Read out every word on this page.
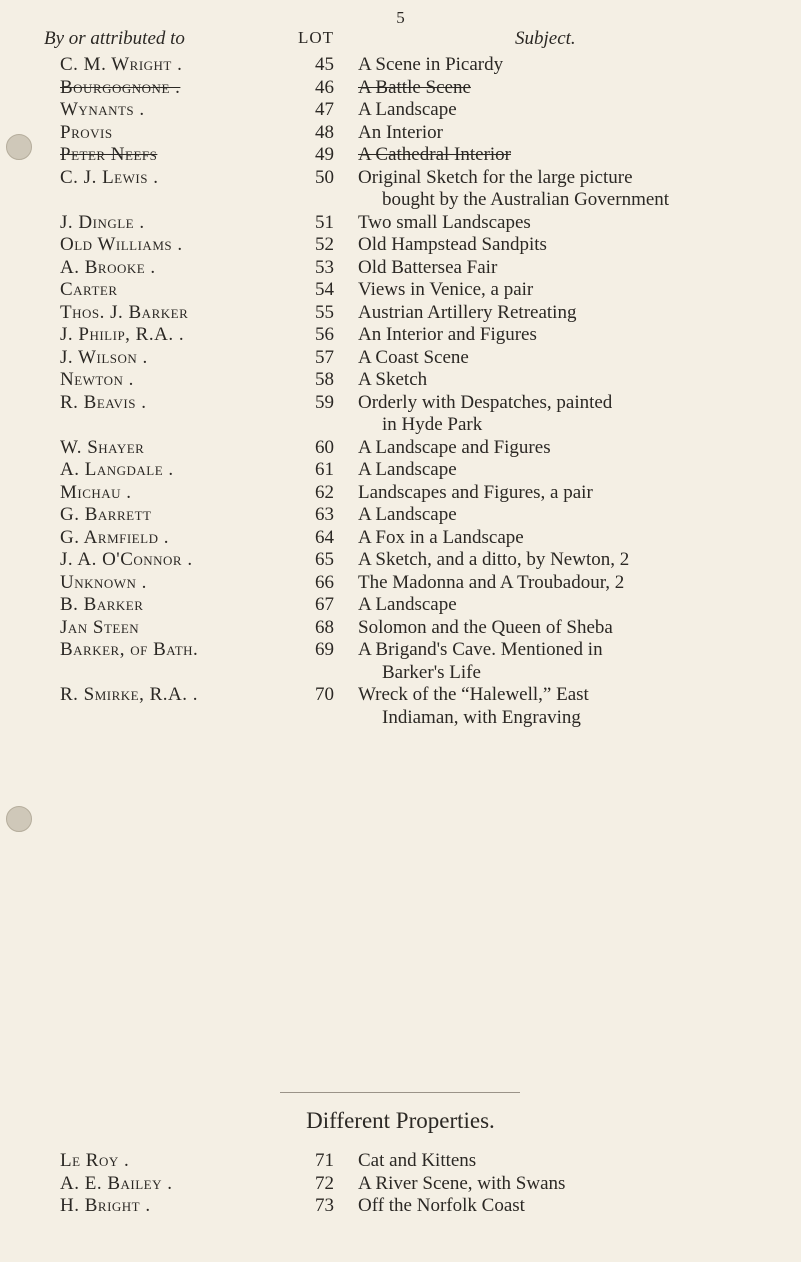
5
By or attributed to	LOT	Subject.
C. M. Wright .	45 A Scene in Picardy
Bourgognone .	46 A Battle Scene
Wynants .	47 A Landscape
Provis	48 An Interior
Peter Neefs	49 A Cathedral Interior
C. J. Lewis .	50 Original Sketch for the large picture
bought by the Australian Government
J. Dingle .	51 Two small Landscapes
Old Williams .	52 Old Hampstead Sandpits
A. Brooke .	53 Old Battersea Fair
Carter	54 Views in Venice, a pair
Thos. J. Barker	55 Austrian Artillery Retreating
J. Philip, R.A. .	56 An Interior and Figures
J. Wilson .	57 A Coast Scene
Newton .	58 A Sketch
R. Beavis .	59 Orderly with Despatches, painted
in Hyde Park
W. Shayer	60 A Landscape and Figures
A. Langdale .	61 A Landscape
Michau .	62 Landscapes and Figures, a pair
G. Barrett	63 A Landscape
G. Armfield .	64 A Fox in a Landscape
J. A. O'Connor .	65 A Sketch, and a ditto, by Newton, 2
Unknown .	66 The Madonna and A Troubadour, 2
B. Barker	67 A Landscape
Jan Steen	68 Solomon and the Queen of Sheba
Barker, of Bath.	69 A Brigand's Cave. Mentioned in
Barker's Life
R. Smirke, R.A. .	70 Wreck of the “Halewell,” East
Indiaman, with Engraving
Different Properties.
Le Roy .	71 Cat and Kittens
A. E. Bailey .	72 A River Scene, with Swans
H. Bright .	73 Off the Norfolk Coast
